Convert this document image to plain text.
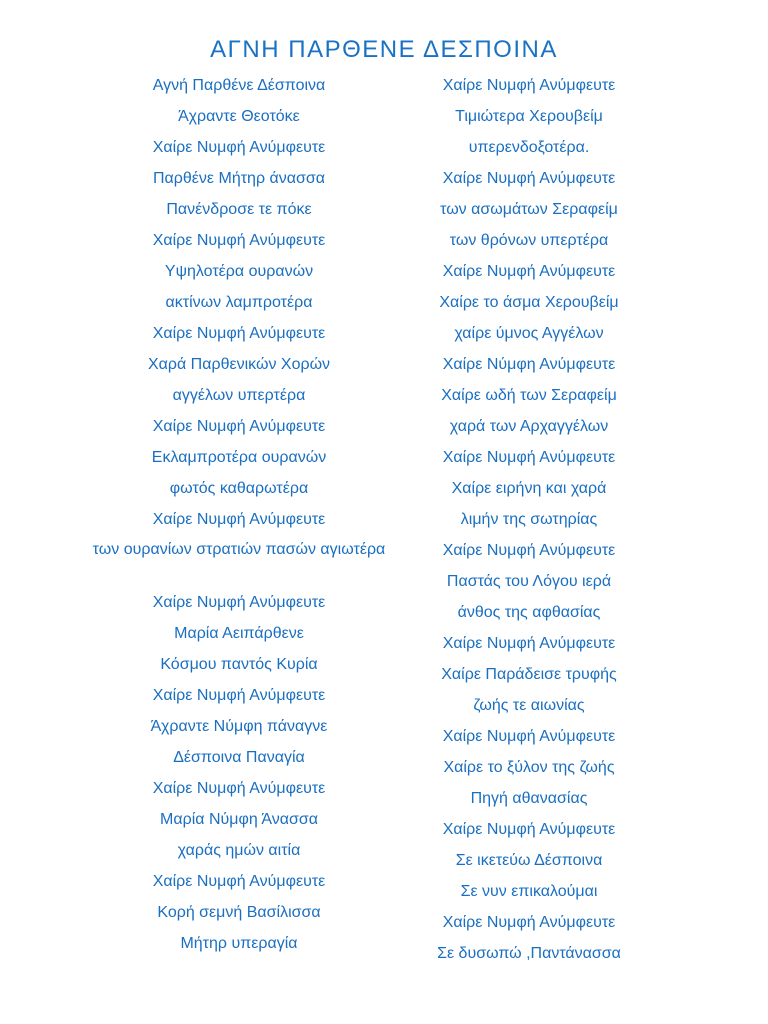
ΑΓΝΗ ΠΑΡΘΕΝΕ ΔΕΣΠΟΙΝΑ
Αγνή Παρθένε Δέσποινα
Άχραντε Θεοτόκε
Χαίρε Νυμφή Ανύμφευτε
Παρθένε Μήτηρ άνασσα
Πανένδροσε τε πόκε
Χαίρε Νυμφή Ανύμφευτε
Υψηλοτέρα ουρανών
ακτίνων λαμπροτέρα
Χαίρε Νυμφή Ανύμφευτε
Χαρά Παρθενικών Χορών
αγγέλων υπερτέρα
Χαίρε Νυμφή Ανύμφευτε
Εκλαμπροτέρα ουρανών
φωτός καθαρωτέρα
Χαίρε Νυμφή Ανύμφευτε
των ουρανίων στρατιών πασών αγιωτέρα
Χαίρε Νυμφή Ανύμφευτε
Μαρία Αειπάρθενε
Κόσμου παντός Κυρία
Χαίρε Νυμφή Ανύμφευτε
Άχραντε Νύμφη πάναγνε
Δέσποινα Παναγία
Χαίρε Νυμφή Ανύμφευτε
Μαρία Νύμφη Άνασσα
χαράς ημών αιτία
Χαίρε Νυμφή Ανύμφευτε
Κορή σεμνή Βασίλισσα
Μήτηρ υπεραγία
Χαίρε Νυμφή Ανύμφευτε
Τιμιώτερα Χερουβείμ
υπερενδοξοτέρα.
Χαίρε Νυμφή Ανύμφευτε
των ασωμάτων Σεραφείμ
των θρόνων υπερτέρα
Χαίρε Νυμφή Ανύμφευτε
Χαίρε το άσμα Χερουβείμ
χαίρε ύμνος Αγγέλων
Χαίρε Νύμφη Ανύμφευτε
Χαίρε ωδή των Σεραφείμ
χαρά των Αρχαγγέλων
Χαίρε Νυμφή Ανύμφευτε
Χαίρε ειρήνη και χαρά
λιμήν της σωτηρίας
Χαίρε Νυμφή Ανύμφευτε
Παστάς του Λόγου ιερά
άνθος της αφθασίας
Χαίρε Νυμφή Ανύμφευτε
Χαίρε Παράδεισε τρυφής
ζωής τε αιωνίας
Χαίρε Νυμφή Ανύμφευτε
Χαίρε το ξύλον της ζωής
Πηγή αθανασίας
Χαίρε Νυμφή Ανύμφευτε
Σε ικετεύω Δέσποινα
Σε νυν επικαλούμαι
Χαίρε Νυμφή Ανύμφευτε
Σε δυσωπώ ,Παντάνασσα
